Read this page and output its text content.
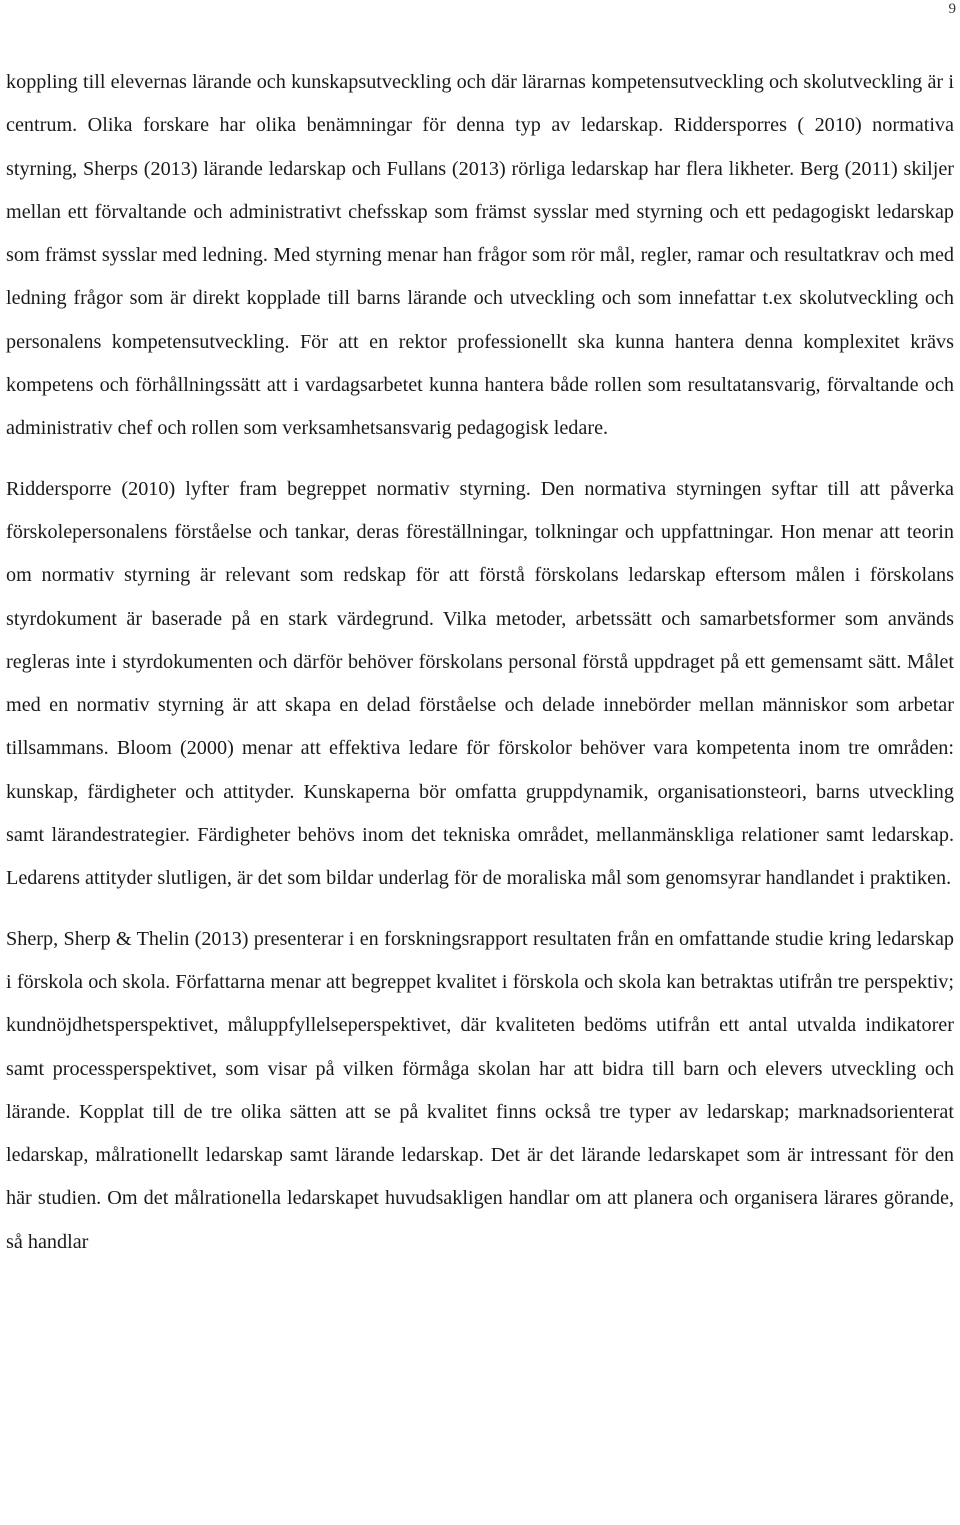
9

koppling till elevernas lärande och kunskapsutveckling och där lärarnas kompetensutveckling och skolutveckling är i centrum. Olika forskare har olika benämningar för denna typ av ledarskap. Riddersporres ( 2010) normativa styrning, Sherps (2013) lärande ledarskap och Fullans (2013) rörliga ledarskap har flera likheter. Berg (2011) skiljer mellan ett förvaltande och administrativt chefsskap som främst sysslar med styrning och ett pedagogiskt ledarskap som främst sysslar med ledning. Med styrning menar han frågor som rör mål, regler, ramar och resultatkrav och med ledning frågor som är direkt kopplade till barns lärande och utveckling och som innefattar t.ex skolutveckling och personalens kompetensutveckling. För att en rektor professionellt ska kunna hantera denna komplexitet krävs kompetens och förhållningssätt att i vardagsarbetet kunna hantera både rollen som resultatansvarig, förvaltande och administrativ chef och rollen som verksamhetsansvarig pedagogisk ledare.

Riddersporre (2010) lyfter fram begreppet normativ styrning. Den normativa styrningen syftar till att påverka förskolepersonalens förståelse och tankar, deras föreställningar, tolkningar och uppfattningar. Hon menar att teorin om normativ styrning är relevant som redskap för att förstå förskolans ledarskap eftersom målen i förskolans styrdokument är baserade på en stark värdegrund. Vilka metoder, arbetssätt och samarbetsformer som används regleras inte i styrdokumenten och därför behöver förskolans personal förstå uppdraget på ett gemensamt sätt. Målet med en normativ styrning är att skapa en delad förståelse och delade innebörder mellan människor som arbetar tillsammans. Bloom (2000) menar att effektiva ledare för förskolor behöver vara kompetenta inom tre områden: kunskap, färdigheter och attityder. Kunskaperna bör omfatta gruppdynamik, organisationsteori, barns utveckling samt lärandestrategier. Färdigheter behövs inom det tekniska området, mellanmänskliga relationer samt ledarskap. Ledarens attityder slutligen, är det som bildar underlag för de moraliska mål som genomsyrar handlandet i praktiken.

Sherp, Sherp & Thelin (2013) presenterar i en forskningsrapport resultaten från en omfattande studie kring ledarskap i förskola och skola. Författarna menar att begreppet kvalitet i förskola och skola kan betraktas utifrån tre perspektiv; kundnöjdhetsperspektivet, måluppfyllelseperspektivet, där kvaliteten bedöms utifrån ett antal utvalda indikatorer samt processperspektivet, som visar på vilken förmåga skolan har att bidra till barn och elevers utveckling och lärande. Kopplat till de tre olika sätten att se på kvalitet finns också tre typer av ledarskap; marknadsorienterat ledarskap, målrationellt ledarskap samt lärande ledarskap. Det är det lärande ledarskapet som är intressant för den här studien. Om det målrationella ledarskapet huvudsakligen handlar om att planera och organisera lärares görande, så handlar
